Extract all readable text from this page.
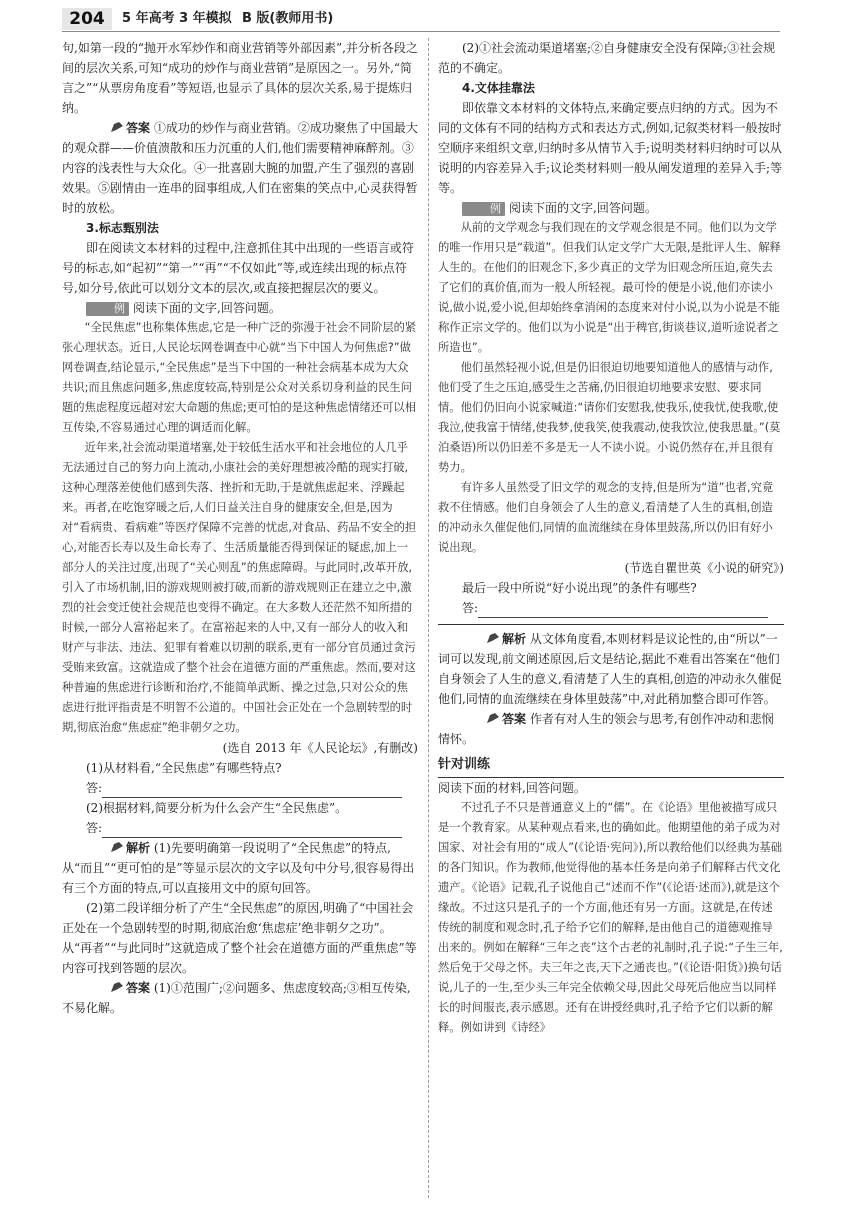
204	5 年高考 3 年模拟 B 版(教师用书)

句,如第一段的“抛开水军炒作和商业营销等外部因素”,并分析各段之间的层次关系,可知“成功的炒作与商业营销”是原因之一。另外,“简言之”“从票房角度看”等短语,也显示了具体的层次关系,易于提炼归纳。

答案 ①成功的炒作与商业营销。②成功聚焦了中国最大的观众群——价值溃散和压力沉重的人们,他们需要精神麻醉剂。③内容的浅表性与大众化。④一批喜剧大腕的加盟,产生了强烈的喜剧效果。⑤剧情由一连串的囧事组成,人们在密集的笑点中,心灵获得暂时的放松。

3.标志甄别法

即在阅读文本材料的过程中,注意抓住其中出现的一些语言或符号的标志,如“起初”“第一”“再”“不仅如此”等,或连续出现的标点符号,如分号,依此可以划分文本的层次,或直接把握层次的要义。

例 阅读下面的文字,回答问题。

“全民焦虑”也称集体焦虑,它是一种广泛的弥漫于社会不同阶层的紧张心理状态。近日,人民论坛网卷调查中心就“当下中国人为何焦虑?”做网卷调查,结论显示,“全民焦虑”是当下中国的一种社会病基本成为大众共识;而且焦虑问题多,焦虑度较高,特别是公众对关系切身利益的民生问题的焦虑程度远超对宏大命题的焦虑;更可怕的是这种焦虑情绪还可以相互传染,不容易通过心理的调适而化解。

近年来,社会流动渠道堵塞,处于较低生活水平和社会地位的人几乎无法通过自己的努力向上流动,小康社会的美好理想被冷酷的现实打破,这种心理落差使他们感到失落、挫折和无助,于是就焦虑起来、浮躁起来。再者,在吃饱穿暖之后,人们日益关注自身的健康安全,但是,因为对“看病贵、看病难”等医疗保障不完善的忧虑,对食品、药品不安全的担心,对能否长寿以及生命长寿了、生活质量能否得到保证的疑虑,加上一部分人的关注过度,出现了“关心则乱”的焦虑障碍。与此同时,改革开放,引入了市场机制,旧的游戏规则被打破,而新的游戏规则正在建立之中,激烈的社会变迁使社会规范也变得不确定。在大多数人还茫然不知所措的时候,一部分人富裕起来了。在富裕起来的人中,又有一部分人的收入和财产与非法、违法、犯罪有着难以切割的联系,更有一部分官员通过贪污受贿来致富。这就造成了整个社会在道德方面的严重焦虑。然而,要对这种普遍的焦虑进行诊断和治疗,不能简单武断、操之过急,只对公众的焦虑进行批评指责是不明智不公道的。中国社会正处在一个急剧转型的时期,彻底治愈“焦虑症”绝非朝夕之功。

(选自 2013 年《人民论坛》,有删改)

(1)从材料看,“全民焦虑”有哪些特点?

答:

(2)根据材料,简要分析为什么会产生“全民焦虑”。

答:

解析 (1)先要明确第一段说明了“全民焦虑”的特点,从“而且”“更可怕的是”等显示层次的文字以及句中分号,很容易得出有三个方面的特点,可以直接用文中的原句回答。

(2)第二段详细分析了产生“全民焦虑”的原因,明确了“中国社会正处在一个急剧转型的时期,彻底治愈‘焦虑症’绝非朝夕之功”。从“再者”“与此同时”这就造成了整个社会在道德方面的严重焦虑”等内容可找到答题的层次。

答案 (1)①范围广;②问题多、焦虑度较高;③相互传染,不易化解。

(2)①社会流动渠道堵塞;②自身健康安全没有保障;③社会规范的不确定。

4.文体挂靠法

即依靠文本材料的文体特点,来确定要点归纳的方式。因为不同的文体有不同的结构方式和表达方式,例如,记叙类材料一般按时空顺序来组织文章,归纳时多从情节入手;说明类材料归纳时可以从说明的内容差异入手;议论类材料则一般从阐发道理的差异入手;等等。

例 阅读下面的文字,回答问题。

从前的文学观念与我们现在的文学观念很是不同。他们以为文学的唯一作用只是“载道”。但我们认定文学广大无限,是批评人生、解释人生的。在他们的旧观念下,多少真正的文学为旧观念所压迫,竟失去了它们的真价值,而为一般人所轻视。最可怜的便是小说,他们亦读小说,做小说,爱小说,但却始终拿消闲的态度来对付小说,以为小说是不能称作正宗文学的。他们以为小说是“出于稗官,街谈巷议,道听途说者之所造也”。

他们虽然轻视小说,但是仍旧很迫切地要知道他人的感情与动作,他们受了生之压迫,感受生之苦痛,仍旧很迫切地要求安慰、要求同情。他们仍旧向小说家喊道:“请你们安慰我,使我乐,使我忧,使我歌,使我泣,使我富于情绪,使我梦,使我笑,使我震动,使我饮泣,使我思量。”(莫泊桑语)所以仍旧差不多是无一人不读小说。小说仍然存在,并且很有势力。

有许多人虽然受了旧文学的观念的支持,但是所为“道”也者,究竟救不住情感。他们自身领会了人生的意义,看清楚了人生的真相,创造的冲动永久催促他们,同情的血流继续在身体里鼓荡,所以仍旧有好小说出现。

(节选自瞿世英《小说的研究》)

最后一段中所说“好小说出现”的条件有哪些?

答:

解析 从文体角度看,本则材料是议论性的,由“所以”一词可以发现,前文阐述原因,后文是结论,据此不难看出答案在“他们自身领会了人生的意义,看清楚了人生的真相,创造的冲动永久催促他们,同情的血流继续在身体里鼓荡”中,对此稍加整合即可作答。

答案 作者有对人生的领会与思考,有创作冲动和悲悯情怀。

针对训练

阅读下面的材料,回答问题。

不过孔子不只是普通意义上的“儒”。在《论语》里他被描写成只是一个教育家。从某种观点看来,也的确如此。他期望他的弟子成为对国家、对社会有用的“成人”(《论语·宪问》),所以教给他们以经典为基础的各门知识。作为教师,他觉得他的基本任务是向弟子们解释古代文化遗产。《论语》记载,孔子说他自己“述而不作”(《论语·述而》),就是这个缘故。不过这只是孔子的一个方面,他还有另一方面。这就是,在传述传统的制度和观念时,孔子给予它们的解释,是由他自己的道德观推导出来的。例如在解释“三年之丧”这个古老的礼制时,孔子说:“子生三年,然后免于父母之怀。夫三年之丧,天下之通丧也。”(《论语·阳货》)换句话说,儿子的一生,至少头三年完全依赖父母,因此父母死后他应当以同样长的时间服丧,表示感恩。还有在讲授经典时,孔子给予它们以新的解释。例如讲到《诗经》
